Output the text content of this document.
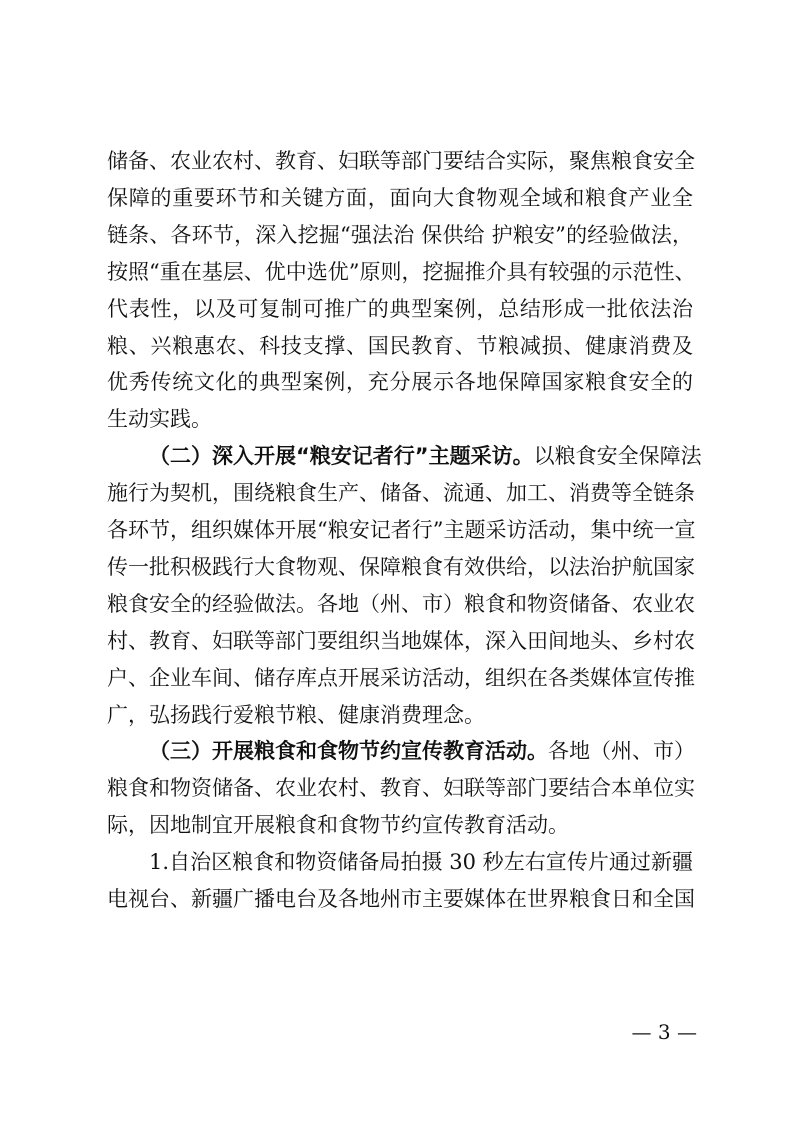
储备、农业农村、教育、妇联等部门要结合实际，聚焦粮食安全
保障的重要环节和关键方面，面向大食物观全域和粮食产业全
链条、各环节，深入挖掘“强法治 保供给 护粮安”的经验做法，
按照“重在基层、优中选优”原则，挖掘推介具有较强的示范性、
代表性，以及可复制可推广的典型案例，总结形成一批依法治
粮、兴粮惠农、科技支撑、国民教育、节粮减损、健康消费及
优秀传统文化的典型案例，充分展示各地保障国家粮食安全的
生动实践。
（二）深入开展“粮安记者行”主题采访。以粮食安全保障法
施行为契机，围绕粮食生产、储备、流通、加工、消费等全链条
各环节，组织媒体开展“粮安记者行”主题采访活动，集中统一宣
传一批积极践行大食物观、保障粮食有效供给，以法治护航国家
粮食安全的经验做法。各地（州、市）粮食和物资储备、农业农
村、教育、妇联等部门要组织当地媒体，深入田间地头、乡村农
户、企业车间、储存库点开展采访活动，组织在各类媒体宣传推
广，弘扬践行爱粮节粮、健康消费理念。
（三）开展粮食和食物节约宣传教育活动。各地（州、市）
粮食和物资储备、农业农村、教育、妇联等部门要结合本单位实
际，因地制宜开展粮食和食物节约宣传教育活动。
1.自治区粮食和物资储备局拍摄 30 秒左右宣传片通过新疆
电视台、新疆广播电台及各地州市主要媒体在世界粮食日和全国
— 3 —
